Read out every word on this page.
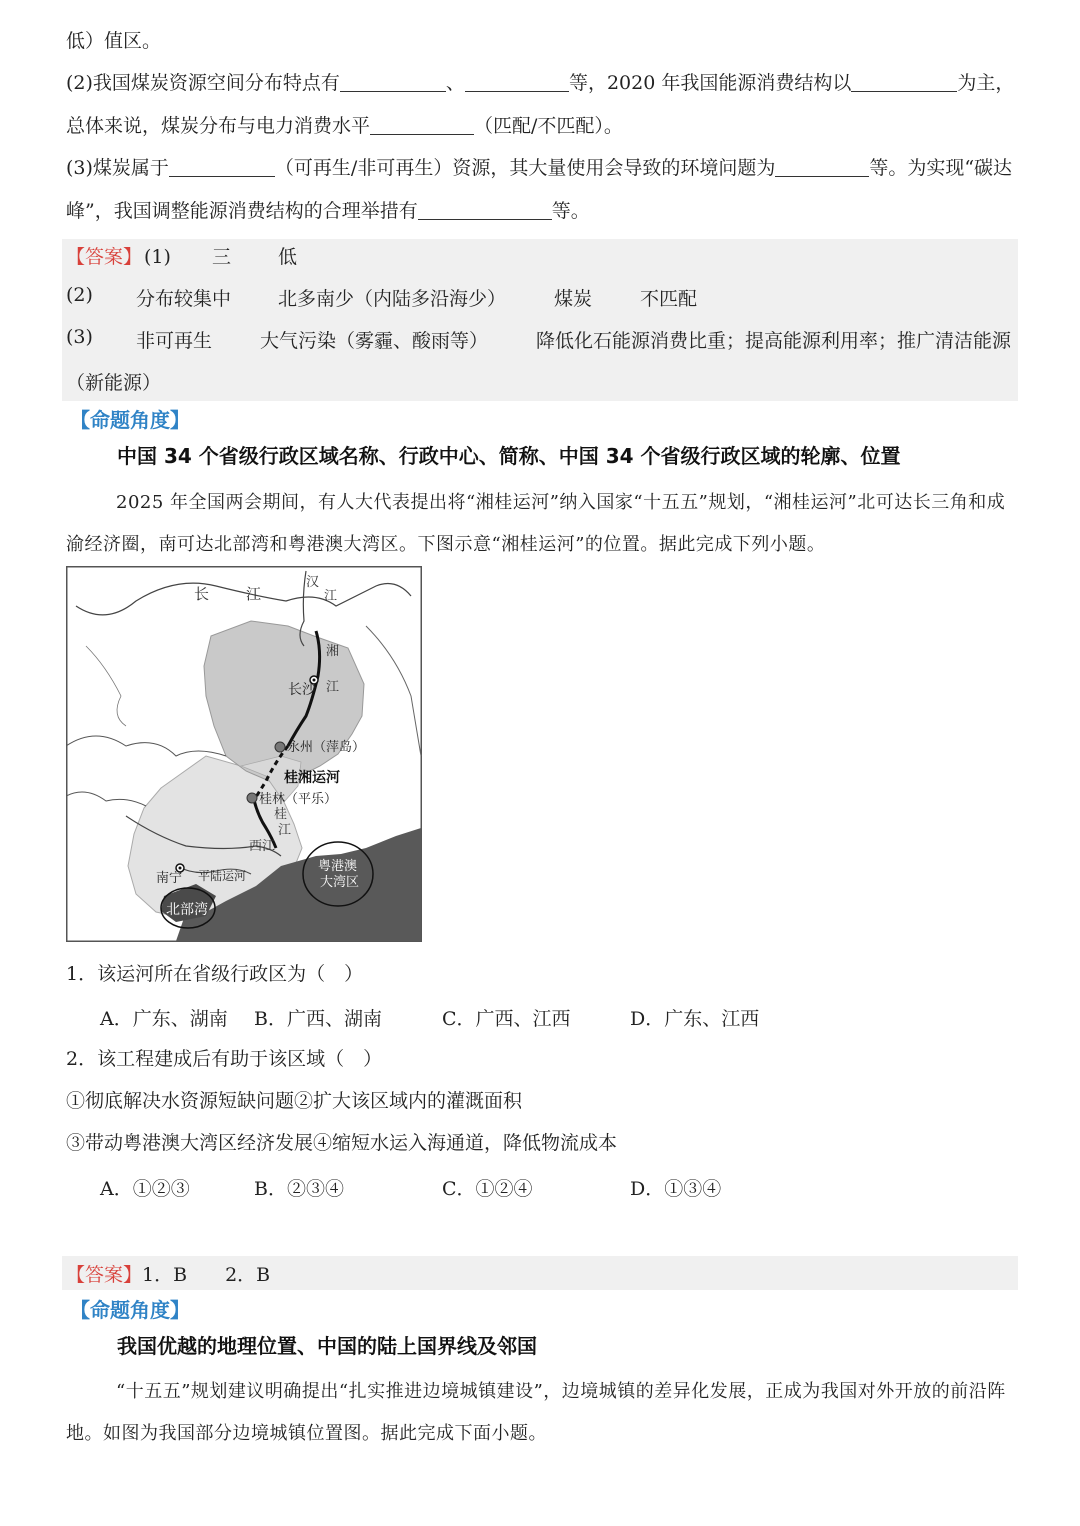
低）值区。
(2)我国煤炭资源空间分布特点有	、	等，2020 年我国能源消费结构以	为主，
总体来说，煤炭分布与电力消费水平	（匹配/不匹配）。
(3)煤炭属于	（可再生/非可再生）资源，其大量使用会导致的环境问题为	等。为实现“碳达
峰”，我国调整能源消费结构的合理举措有	等。
【答案】 (1) 三 低
(2) 分布较集中 北多南少（内陆多沿海少）	煤炭	不匹配
(3) 非可再生	大气污染（雾霾、酸雨等）	降低化石能源消费比重；提高能源利用率；推广清洁能源
（新能源）
【命题角度】
中国 34 个省级行政区域名称、行政中心、简称、中国 34 个省级行政区域的轮廓、位置
2025 年全国两会期间，有人大代表提出将“湘桂运河”纳入国家“十五五”规划，“湘桂运河”北可达长三角和成渝经济圈，南可达北部湾和粤港澳大湾区。下图示意“湘桂运河”的位置。据此完成下列小题。
长 江
汉
江
湘
江
长沙
永州（萍岛）
桂湘运河
桂林（平乐）
桂
江
西江
南宁 平陆运河
北部湾
粤港澳
大湾区
1．该运河所在省级行政区为（　）
A．广东、湖南 B．广西、湖南	C．广西、江西	D．广东、江西
2．该工程建成后有助于该区域（　）
①彻底解决水资源短缺问题②扩大该区域内的灌溉面积
③带动粤港澳大湾区经济发展④缩短水运入海通道，降低物流成本
A．①②③	B．②③④	C．①②④	D．①③④
【答案】1．B　　2．B
【命题角度】
我国优越的地理位置、中国的陆上国界线及邻国
“十五五”规划建议明确提出“扎实推进边境城镇建设”，边境城镇的差异化发展，正成为我国对外开放的前沿阵地。如图为我国部分边境城镇位置图。据此完成下面小题。
